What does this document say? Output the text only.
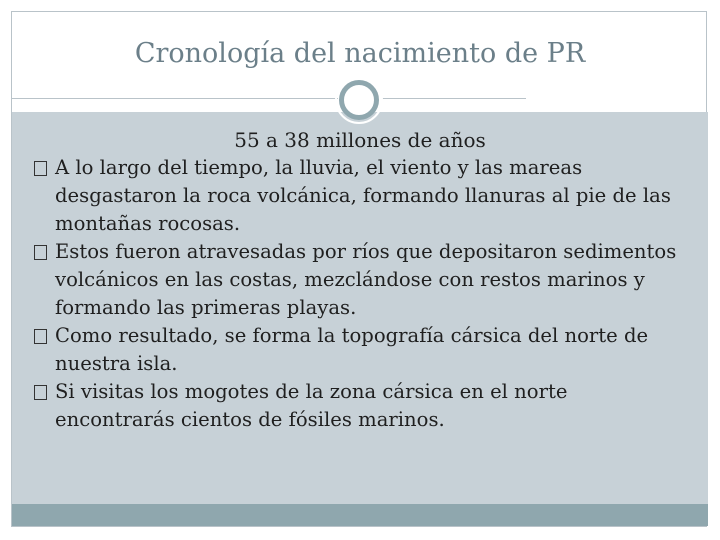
Cronología del nacimiento de PR
55 a 38 millones de años
A lo largo del tiempo, la lluvia, el viento y las mareas desgastaron la roca volcánica, formando llanuras al pie de las montañas rocosas.
Estos fueron atravesadas por ríos que depositaron sedimentos volcánicos en las costas, mezclándose con restos marinos y formando las primeras playas.
Como resultado, se forma la topografía cársica del norte de nuestra isla.
Si visitas los mogotes de la zona cársica en el norte encontrarás cientos de fósiles marinos.
